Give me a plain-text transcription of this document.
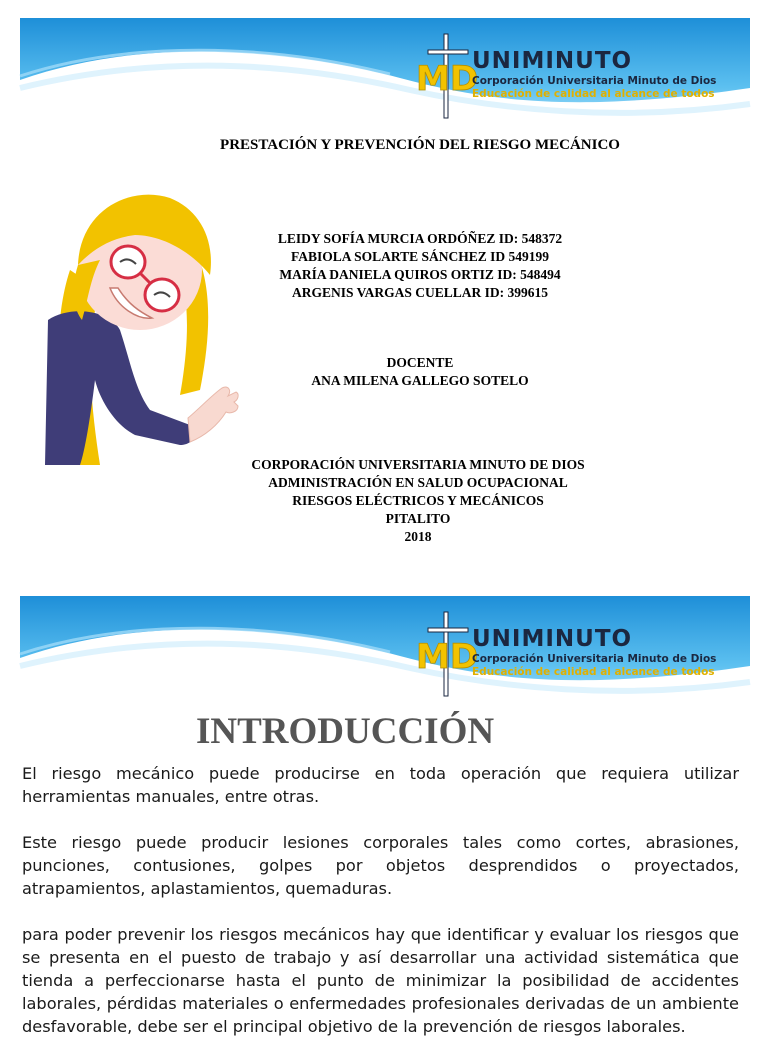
MD
UNIMINUTO
Corporación Universitaria Minuto de Dios
Educación de calidad al alcance de todos
PRESTACIÓN Y PREVENCIÓN DEL RIESGO MECÁNICO
LEIDY SOFÍA MURCIA ORDÓÑEZ ID: 548372
FABIOLA SOLARTE SÁNCHEZ ID 549199
MARÍA DANIELA QUIROS ORTIZ ID: 548494
ARGENIS VARGAS CUELLAR ID: 399615
DOCENTE
ANA MILENA GALLEGO SOTELO
CORPORACIÓN UNIVERSITARIA MINUTO DE DIOS
ADMINISTRACIÓN EN SALUD OCUPACIONAL
RIESGOS ELÉCTRICOS Y MECÁNICOS
PITALITO
2018
MD
UNIMINUTO
Corporación Universitaria Minuto de Dios
Educación de calidad al alcance de todos
INTRODUCCIÓN

El riesgo mecánico puede producirse en toda operación que requiera utilizar herramientas manuales, entre otras.

Este riesgo puede producir lesiones corporales tales como cortes, abrasiones, punciones, contusiones, golpes por objetos desprendidos o proyectados, atrapamientos, aplastamientos, quemaduras.

para poder prevenir los riesgos mecánicos hay que identificar y evaluar los riesgos que se presenta en el puesto de trabajo y así desarrollar una actividad sistemática que tienda a perfeccionarse hasta el punto de minimizar la posibilidad de accidentes laborales, pérdidas materiales o enfermedades profesionales derivadas de un ambiente desfavorable, debe ser el principal objetivo de la prevención de riesgos laborales.
